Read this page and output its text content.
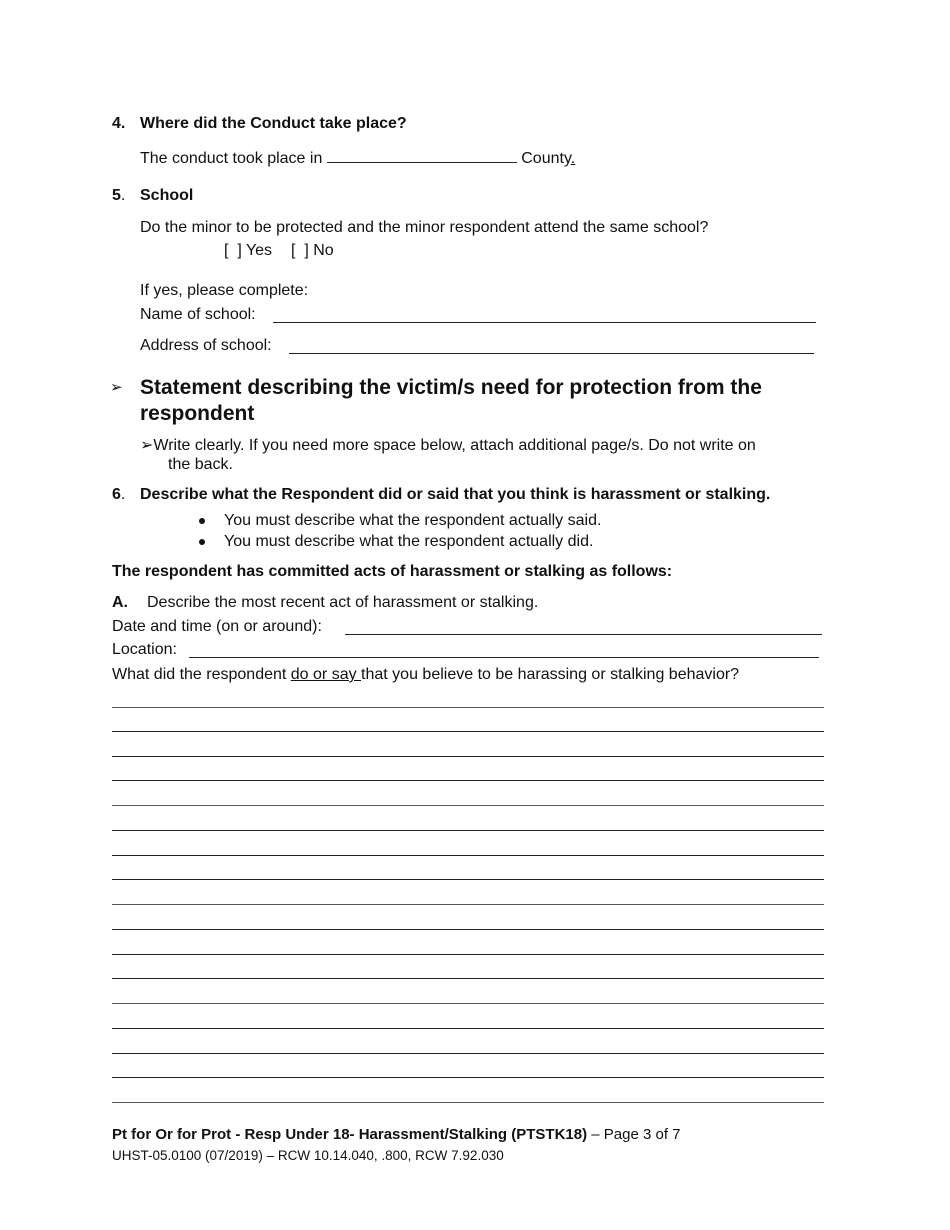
4. Where did the Conduct take place?
The conduct took place in	County.
5. School
Do the minor to be protected and the minor respondent attend the same school?
[  ] Yes [  ] No
If yes, please complete:
Name of school:
Address of school:
➢ Statement describing the victim/s need for protection from the
respondent
➢Write clearly. If you need more space below, attach additional page/s. Do not write on
the back.
6. Describe what the Respondent did or said that you think is harassment or stalking.
You must describe what the respondent actually said.
You must describe what the respondent actually did.
The respondent has committed acts of harassment or stalking as follows:
A. Describe the most recent act of harassment or stalking.
Date and time (on or around):
Location:
What did the respondent do or say that you believe to be harassing or stalking behavior?
Pt for Or for Prot - Resp Under 18- Harassment/Stalking (PTSTK18) – Page 3 of 7
UHST-05.0100 (07/2019) – RCW 10.14.040, .800, RCW 7.92.030
